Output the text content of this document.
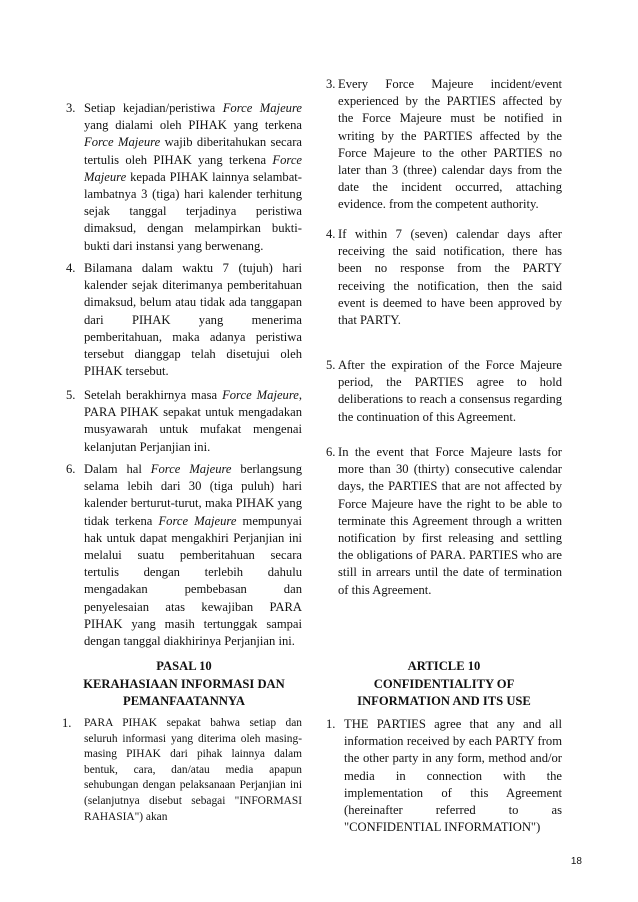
3. Setiap kejadian/peristiwa Force Majeure yang dialami oleh PIHAK yang terkena Force Majeure wajib diberitahukan secara tertulis oleh PIHAK yang terkena Force Majeure kepada PIHAK lainnya selambat-lambatnya 3 (tiga) hari kalender terhitung sejak tanggal terjadinya peristiwa dimaksud, dengan melampirkan bukti-bukti dari instansi yang berwenang.
4. Bilamana dalam waktu 7 (tujuh) hari kalender sejak diterimanya pemberitahuan dimaksud, belum atau tidak ada tanggapan dari PIHAK yang menerima pemberitahuan, maka adanya peristiwa tersebut dianggap telah disetujui oleh PIHAK tersebut.
5. Setelah berakhirnya masa Force Majeure, PARA PIHAK sepakat untuk mengadakan musyawarah untuk mufakat mengenai kelanjutan Perjanjian ini.
6. Dalam hal Force Majeure berlangsung selama lebih dari 30 (tiga puluh) hari kalender berturut-turut, maka PIHAK yang tidak terkena Force Majeure mempunyai hak untuk dapat mengakhiri Perjanjian ini melalui suatu pemberitahuan secara tertulis dengan terlebih dahulu mengadakan pembebasan dan penyelesaian atas kewajiban PARA PIHAK yang masih tertunggak sampai dengan tanggal diakhirinya Perjanjian ini.
PASAL 10
KERAHASIAAN INFORMASI DAN
PEMANFAATANNYA
1. PARA PIHAK sepakat bahwa setiap dan seluruh informasi yang diterima oleh masing-masing PIHAK dari pihak lainnya dalam bentuk, cara, dan/atau media apapun sehubungan dengan pelaksanaan Perjanjian ini (selanjutnya disebut sebagai "INFORMASI RAHASIA") akan
3. Every Force Majeure incident/event experienced by the PARTIES affected by the Force Majeure must be notified in writing by the PARTIES affected by the Force Majeure to the other PARTIES no later than 3 (three) calendar days from the date the incident occurred, attaching evidence. from the competent authority.
4. If within 7 (seven) calendar days after receiving the said notification, there has been no response from the PARTY receiving the notification, then the said event is deemed to have been approved by that PARTY.
5. After the expiration of the Force Majeure period, the PARTIES agree to hold deliberations to reach a consensus regarding the continuation of this Agreement.
6. In the event that Force Majeure lasts for more than 30 (thirty) consecutive calendar days, the PARTIES that are not affected by Force Majeure have the right to be able to terminate this Agreement through a written notification by first releasing and settling the obligations of PARA. PARTIES who are still in arrears until the date of termination of this Agreement.
ARTICLE 10
CONFIDENTIALITY OF
INFORMATION AND ITS USE
1. THE PARTIES agree that any and all information received by each PARTY from the other party in any form, method and/or media in connection with the implementation of this Agreement (hereinafter referred to as "CONFIDENTIAL INFORMATION")
18
